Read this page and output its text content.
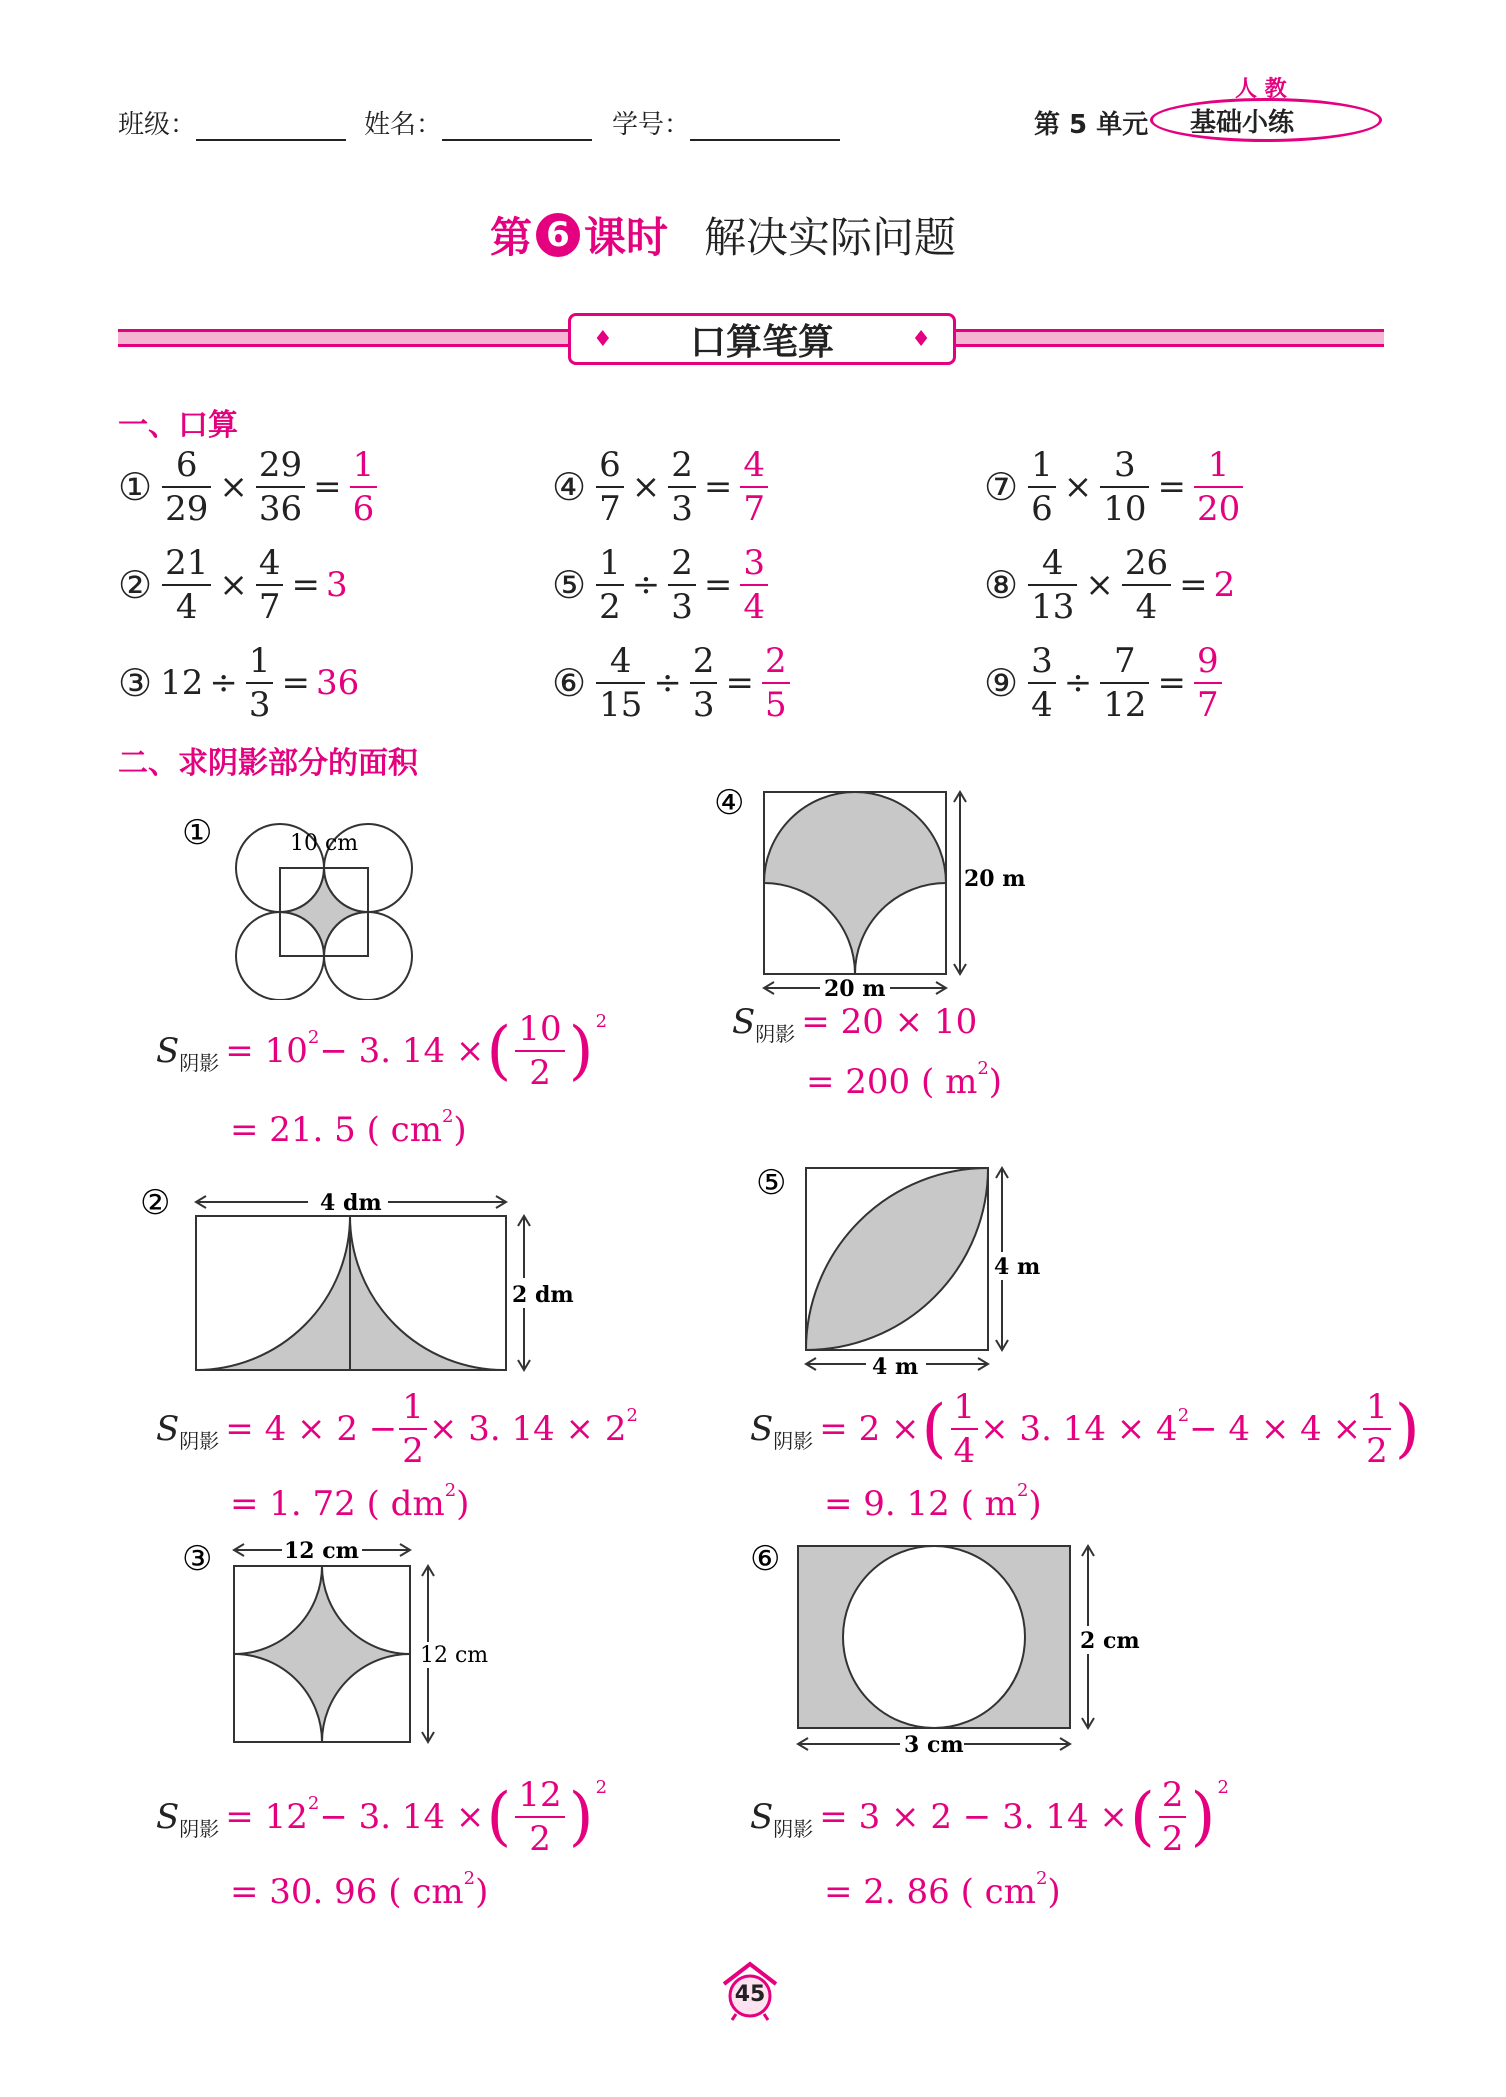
班级：	姓名：	学号：	第 5 单元
人 教
基础小练
第 6 课时 解决实际问题
♦ 口算笔算	♦
一、口算
① $\frac{6}{29} \times \frac{29}{36} = \frac{1}{6}$	④ $\frac{6}{7} \times \frac{2}{3} = \frac{4}{7}$	⑦ $\frac{1}{6} \times \frac{3}{10} = \frac{1}{20}$
② $\frac{21}{4} \times \frac{4}{7} = 3$	⑤ $\frac{1}{2} \div \frac{2}{3} = \frac{3}{4}$	⑧ $\frac{4}{13} \times \frac{26}{4} = 2$
③ $12 \div \frac{1}{3} = 36$	⑥ $\frac{4}{15} \div \frac{2}{3} = \frac{2}{5}$	⑨ $\frac{3}{4} \div \frac{7}{12} = \frac{9}{7}$
二、求阴影部分的面积
①	10 cm
S 阴影 = $10^2 - 3$. 14 × ( $\frac{10}{2} )^2$
= 21. 5 ( $cm^2$ )
④
20 m
20 m
S 阴影 = 20 × 10
= 200 ( $m^2$ )
②	4 dm
2 dm
S 阴影 = $4 \times 2 - \frac{1}{2} \times 3$. $14 \times 2^2$
= 1. 72 ( $dm^2$ )
⑤
4 m
4 m
S 阴影 = 2 × ( $\frac{1}{4} \times 3$. $14 \times 4^2 - 4 \times 4 \times \frac{1}{2}$ )
= 9. 12 ( $m^2$ )
③	12 cm
12 cm
S 阴影 = $12^2 - 3$. 14 × ( $\frac{12}{2} )^2$
= 30. 96 ( $cm^2$ )
⑥
2 cm
3 cm
S 阴影 = 3 × 2 − 3. 14 × ( $\frac{2}{2} )^2$
= 2. 86 ( $cm^2$ )
45
